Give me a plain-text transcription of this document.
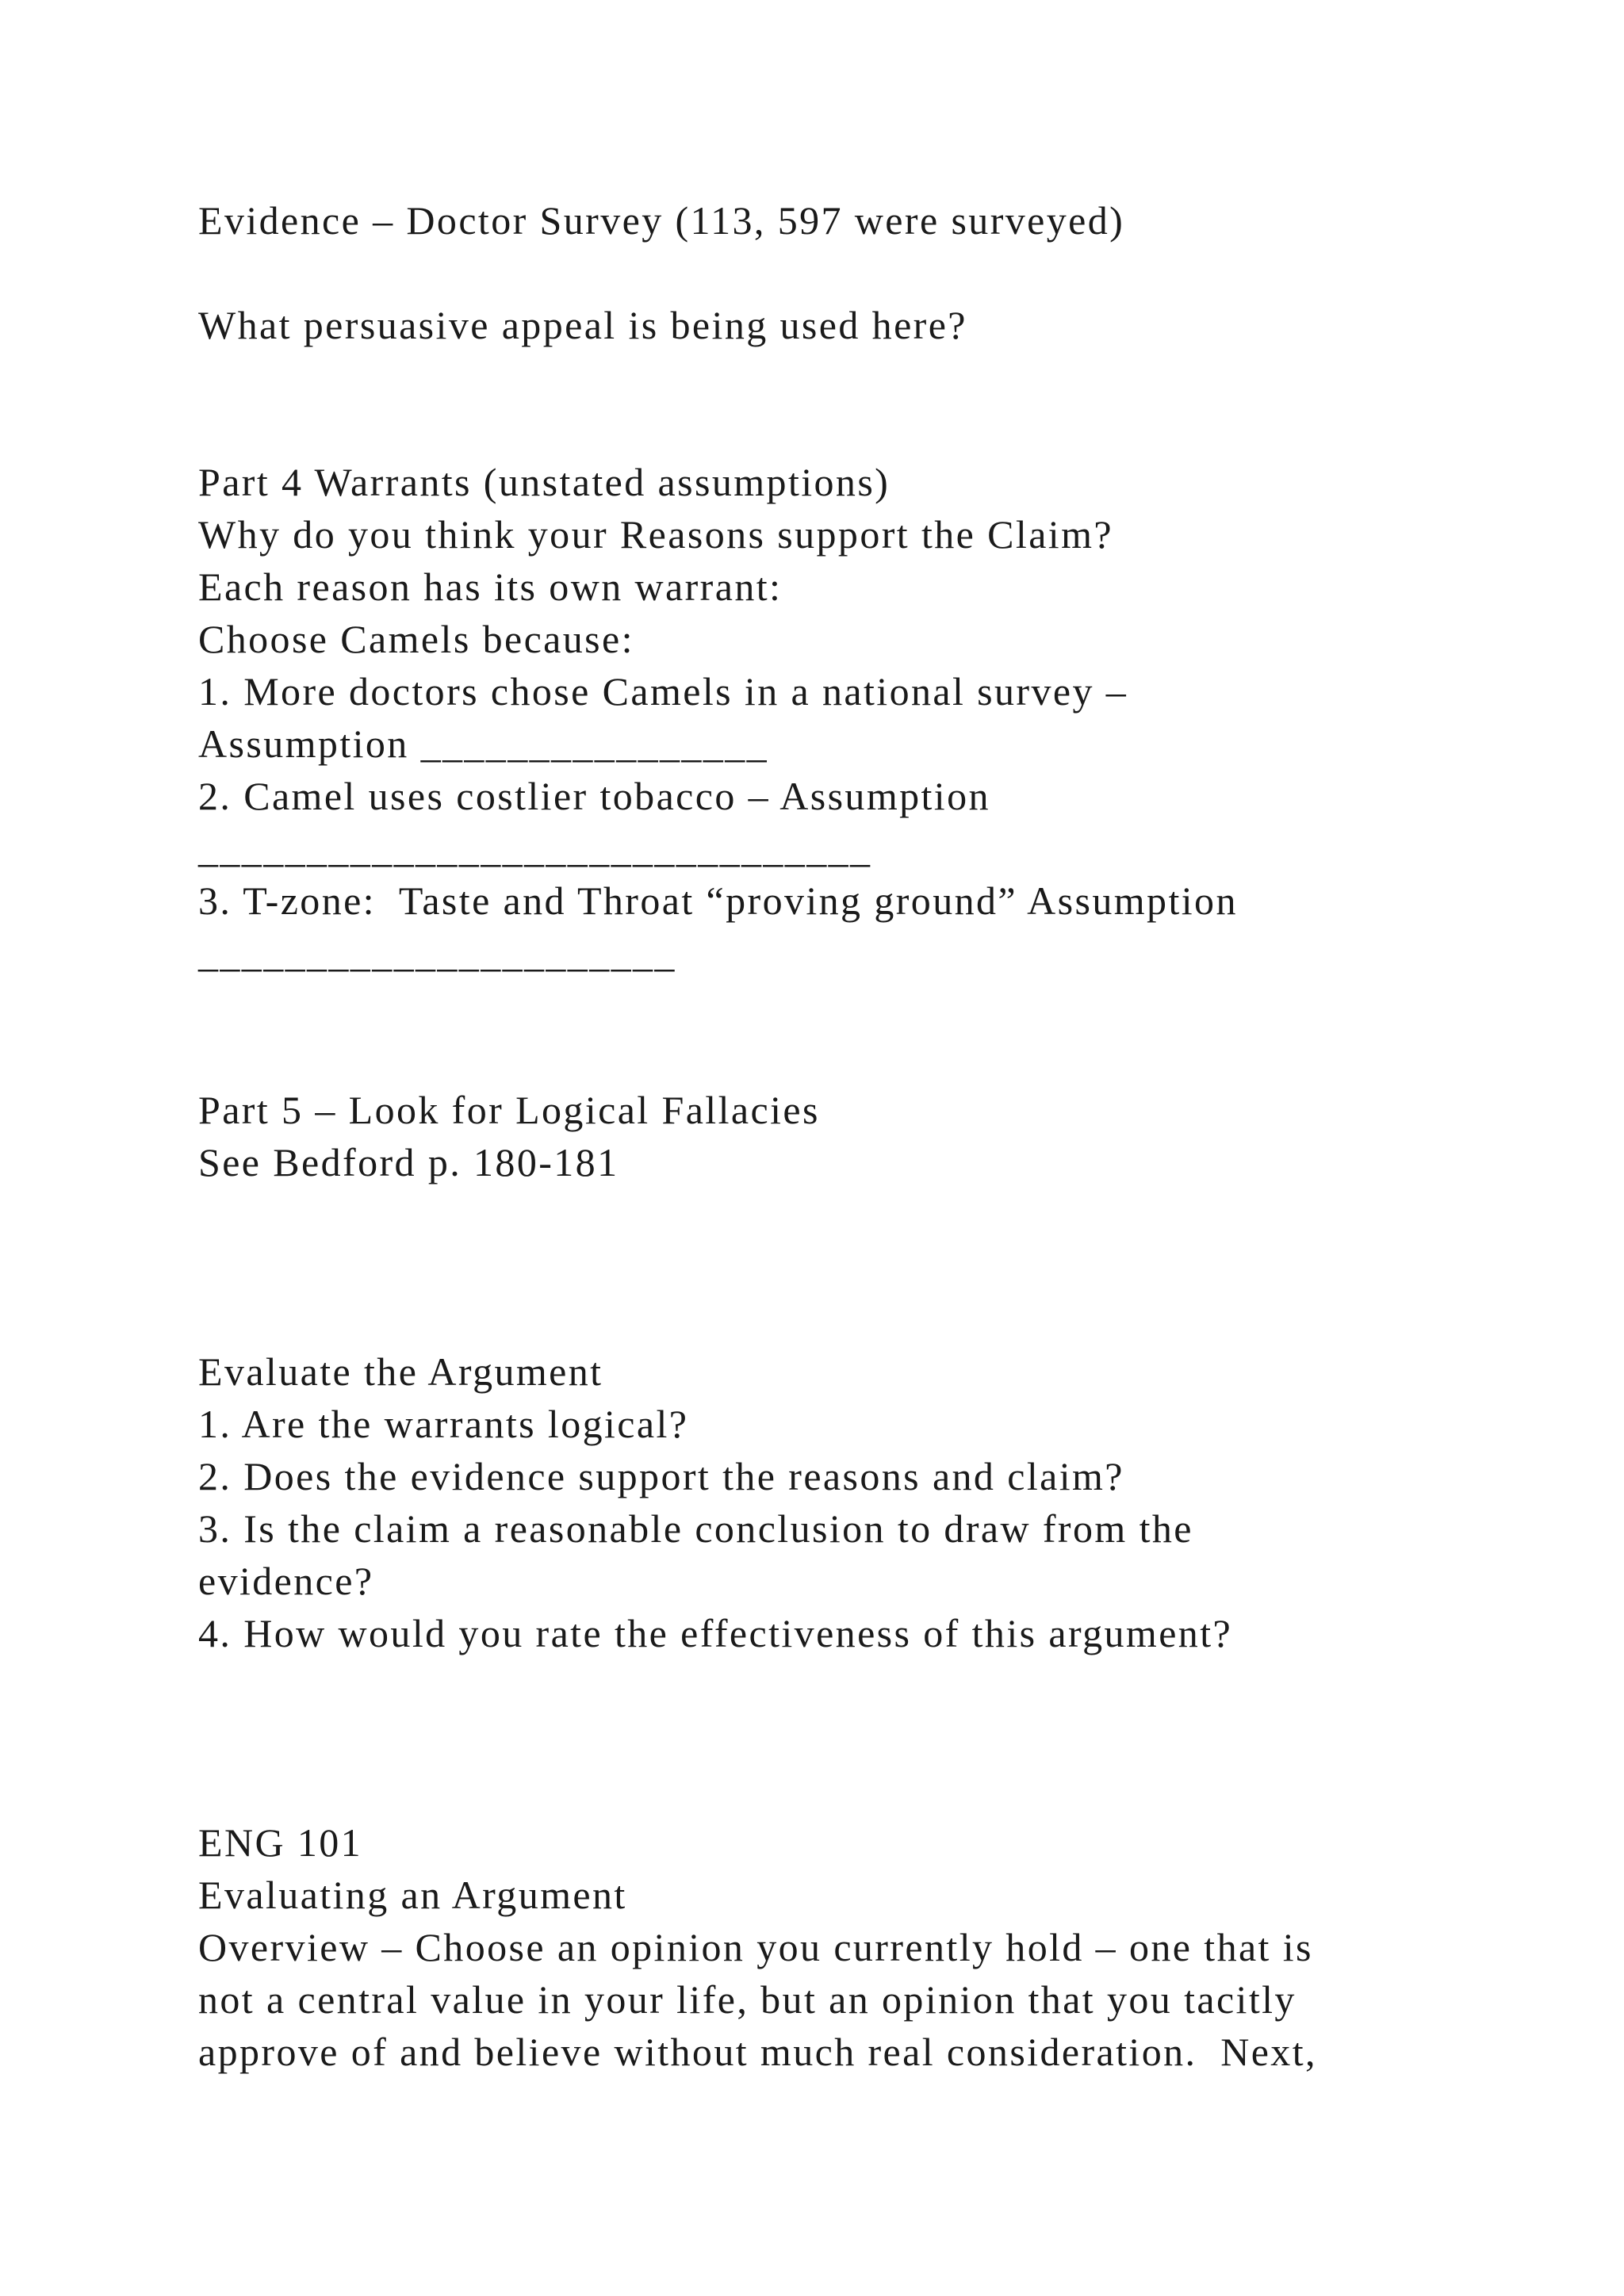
Evidence – Doctor Survey (113, 597 were surveyed)

What persuasive appeal is being used here?

Part 4 Warrants (unstated assumptions)

Why do you think your Reasons support the Claim?

Each reason has its own warrant:

Choose Camels because:

1. More doctors chose Camels in a national survey –

Assumption ________________

2. Camel uses costlier tobacco – Assumption

_______________________________

3. T-zone:  Taste and Throat “proving ground” Assumption

______________________

Part 5 – Look for Logical Fallacies

See Bedford p. 180-181

Evaluate the Argument

1. Are the warrants logical?

2. Does the evidence support the reasons and claim?

3. Is the claim a reasonable conclusion to draw from the

evidence?

4. How would you rate the effectiveness of this argument?

ENG 101

Evaluating an Argument

Overview – Choose an opinion you currently hold – one that is

not a central value in your life, but an opinion that you tacitly

approve of and believe without much real consideration.  Next,
